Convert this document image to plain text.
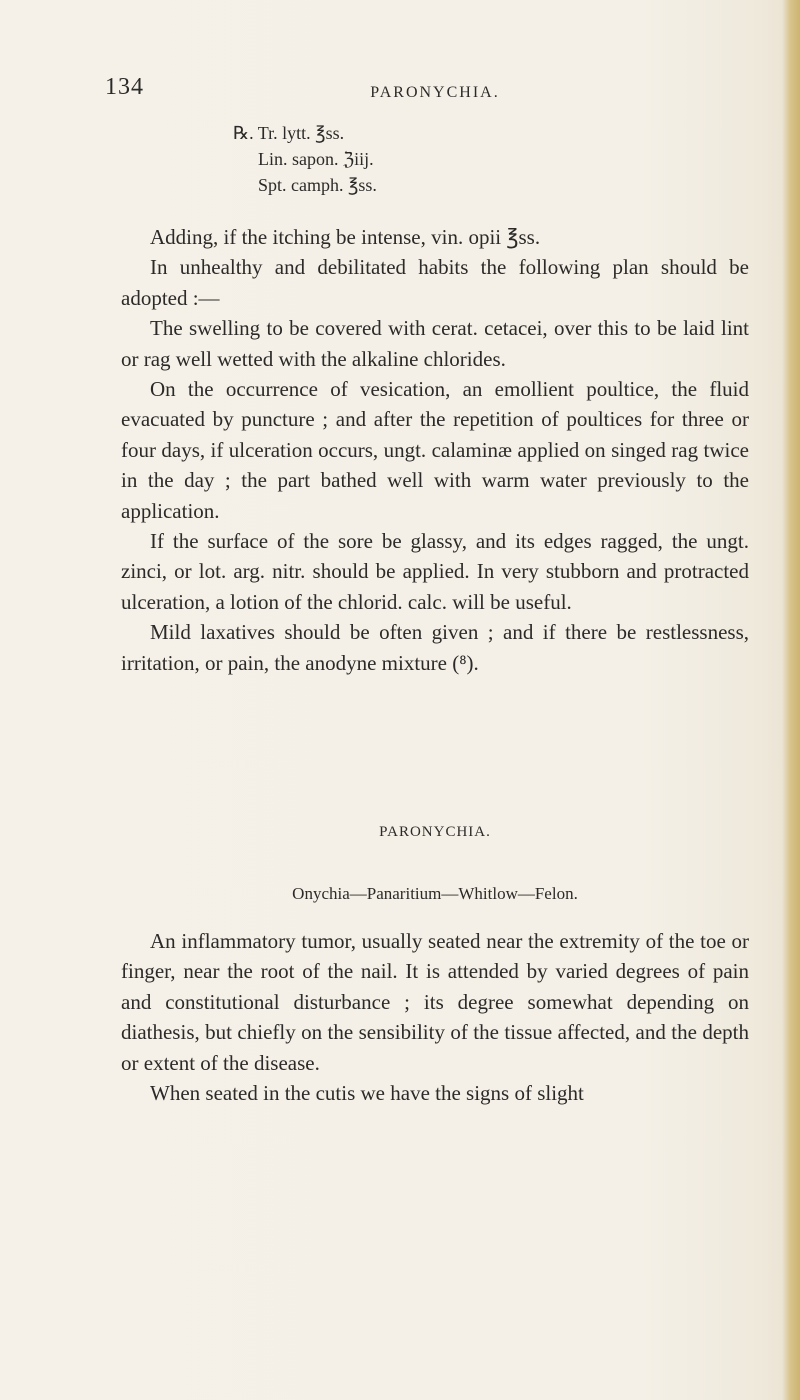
134	PARONYCHIA.
℞. Tr. lytt. ℥ss.
Lin. sapon. ℨiij.
Spt. camph. ℥ss.

Adding, if the itching be intense, vin. opii ℥ss.

In unhealthy and debilitated habits the following plan should be adopted :—

The swelling to be covered with cerat. cetacei, over this to be laid lint or rag well wetted with the alkaline chlorides.

On the occurrence of vesication, an emollient poultice, the fluid evacuated by puncture ; and after the repetition of poultices for three or four days, if ulceration occurs, ungt. calaminæ applied on singed rag twice in the day ; the part bathed well with warm water previously to the application.

If the surface of the sore be glassy, and its edges ragged, the ungt. zinci, or lot. arg. nitr. should be applied. In very stubborn and protracted ulceration, a lotion of the chlorid. calc. will be useful.

Mild laxatives should be often given ; and if there be restlessness, irritation, or pain, the anodyne mixture (⁸).

PARONYCHIA.
Onychia—Panaritium—Whitlow—Felon.

An inflammatory tumor, usually seated near the extremity of the toe or finger, near the root of the nail. It is attended by varied degrees of pain and constitutional disturbance ; its degree somewhat depending on diathesis, but chiefly on the sensibility of the tissue affected, and the depth or extent of the disease.

When seated in the cutis we have the signs of slight
